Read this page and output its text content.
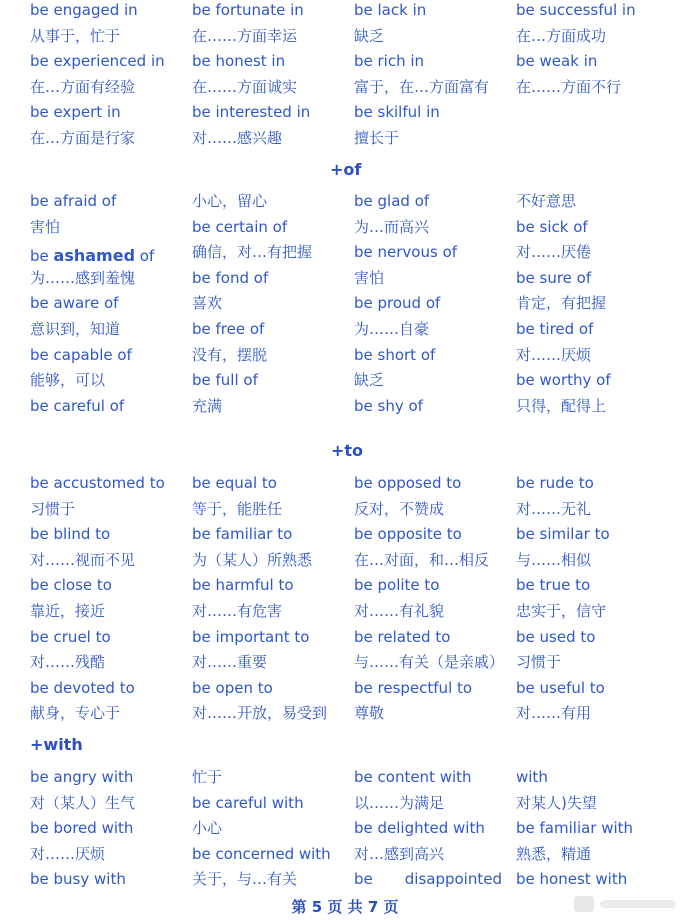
be engaged in
从事于，忙于
be experienced in
在…方面有经验
be expert in
在…方面是行家
be fortunate in
在……方面幸运
be honest in
在……方面诚实
be interested in
对……感兴趣
be lack in
缺乏
be rich in
富于，在…方面富有
be skilful in
擅长于
be successful in
在…方面成功
be weak in
在……方面不行
+of
be afraid of
害怕
be ashamed of
为……感到羞愧
be aware of
意识到，知道
be capable of
能够，可以
be careful of
小心，留心
be certain of
确信，对…有把握
be fond of
喜欢
be free of
没有，摆脱
be full of
充满
be glad of
为…而高兴
be nervous of
害怕
be proud of
为……自豪
be short of
缺乏
be shy of
不好意思
be sick of
对……厌倦
be sure of
肯定，有把握
be tired of
对……厌烦
be worthy of
只得，配得上
+to
be accustomed to
习惯于
be blind to
对……视而不见
be close to
靠近，接近
be cruel to
对……残酷
be devoted to
献身，专心于
be equal to
等于，能胜任
be familiar to
为（某人）所熟悉
be harmful to
对……有危害
be important to
对……重要
be open to
对……开放，易受到
be opposed to
反对，不赞成
be opposite to
在…对面，和…相反
be polite to
对……有礼貌
be related to
与……有关（是亲戚）
be respectful to
尊敬
be rude to
对……无礼
be similar to
与……相似
be true to
忠实于，信守
be used to
习惯于
be useful to
对……有用
+with
be angry with
对（某人）生气
be bored with
对……厌烦
be busy with
忙于
be careful with
小心
be concerned with
关于，与…有关
be content with
以……为满足
be delighted with
对…感到高兴
be disappointed
with
对某人)失望
be familiar with
熟悉，精通
be honest with
第 5 页 共 7 页
